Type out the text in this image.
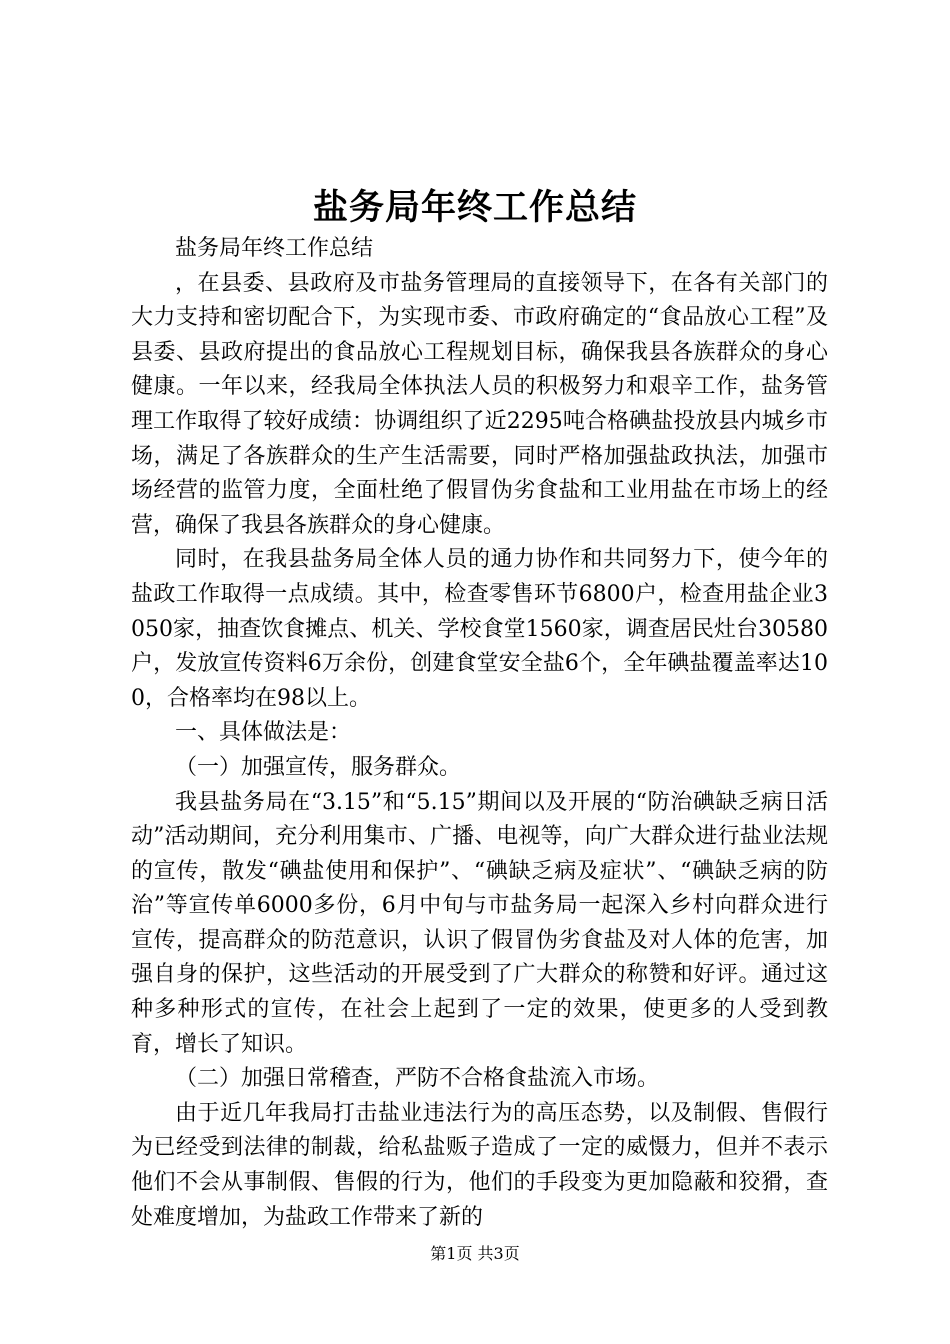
盐务局年终工作总结

盐务局年终工作总结

，在县委、县政府及市盐务管理局的直接领导下，在各有关部门的大力支持和密切配合下，为实现市委、市政府确定的“食品放心工程”及县委、县政府提出的食品放心工程规划目标，确保我县各族群众的身心健康。一年以来，经我局全体执法人员的积极努力和艰辛工作，盐务管理工作取得了较好成绩：协调组织了近2295吨合格碘盐投放县内城乡市场，满足了各族群众的生产生活需要，同时严格加强盐政执法，加强市场经营的监管力度，全面杜绝了假冒伪劣食盐和工业用盐在市场上的经营，确保了我县各族群众的身心健康。

同时，在我县盐务局全体人员的通力协作和共同努力下，使今年的盐政工作取得一点成绩。其中，检查零售环节6800户，检查用盐企业3050家，抽查饮食摊点、机关、学校食堂1560家，调查居民灶台30580户，发放宣传资料6万余份，创建食堂安全盐6个，全年碘盐覆盖率达100，合格率均在98以上。

一、具体做法是：

（一）加强宣传，服务群众。

我县盐务局在“3.15”和“5.15”期间以及开展的“防治碘缺乏病日活动”活动期间，充分利用集市、广播、电视等，向广大群众进行盐业法规的宣传，散发“碘盐使用和保护”、“碘缺乏病及症状”、“碘缺乏病的防治”等宣传单6000多份，6月中旬与市盐务局一起深入乡村向群众进行宣传，提高群众的防范意识，认识了假冒伪劣食盐及对人体的危害，加强自身的保护，这些活动的开展受到了广大群众的称赞和好评。通过这种多种形式的宣传，在社会上起到了一定的效果，使更多的人受到教育，增长了知识。

（二）加强日常稽查，严防不合格食盐流入市场。

由于近几年我局打击盐业违法行为的高压态势，以及制假、售假行为已经受到法律的制裁，给私盐贩子造成了一定的威慑力，但并不表示他们不会从事制假、售假的行为，他们的手段变为更加隐蔽和狡猾，查处难度增加，为盐政工作带来了新的

第1页 共3页
